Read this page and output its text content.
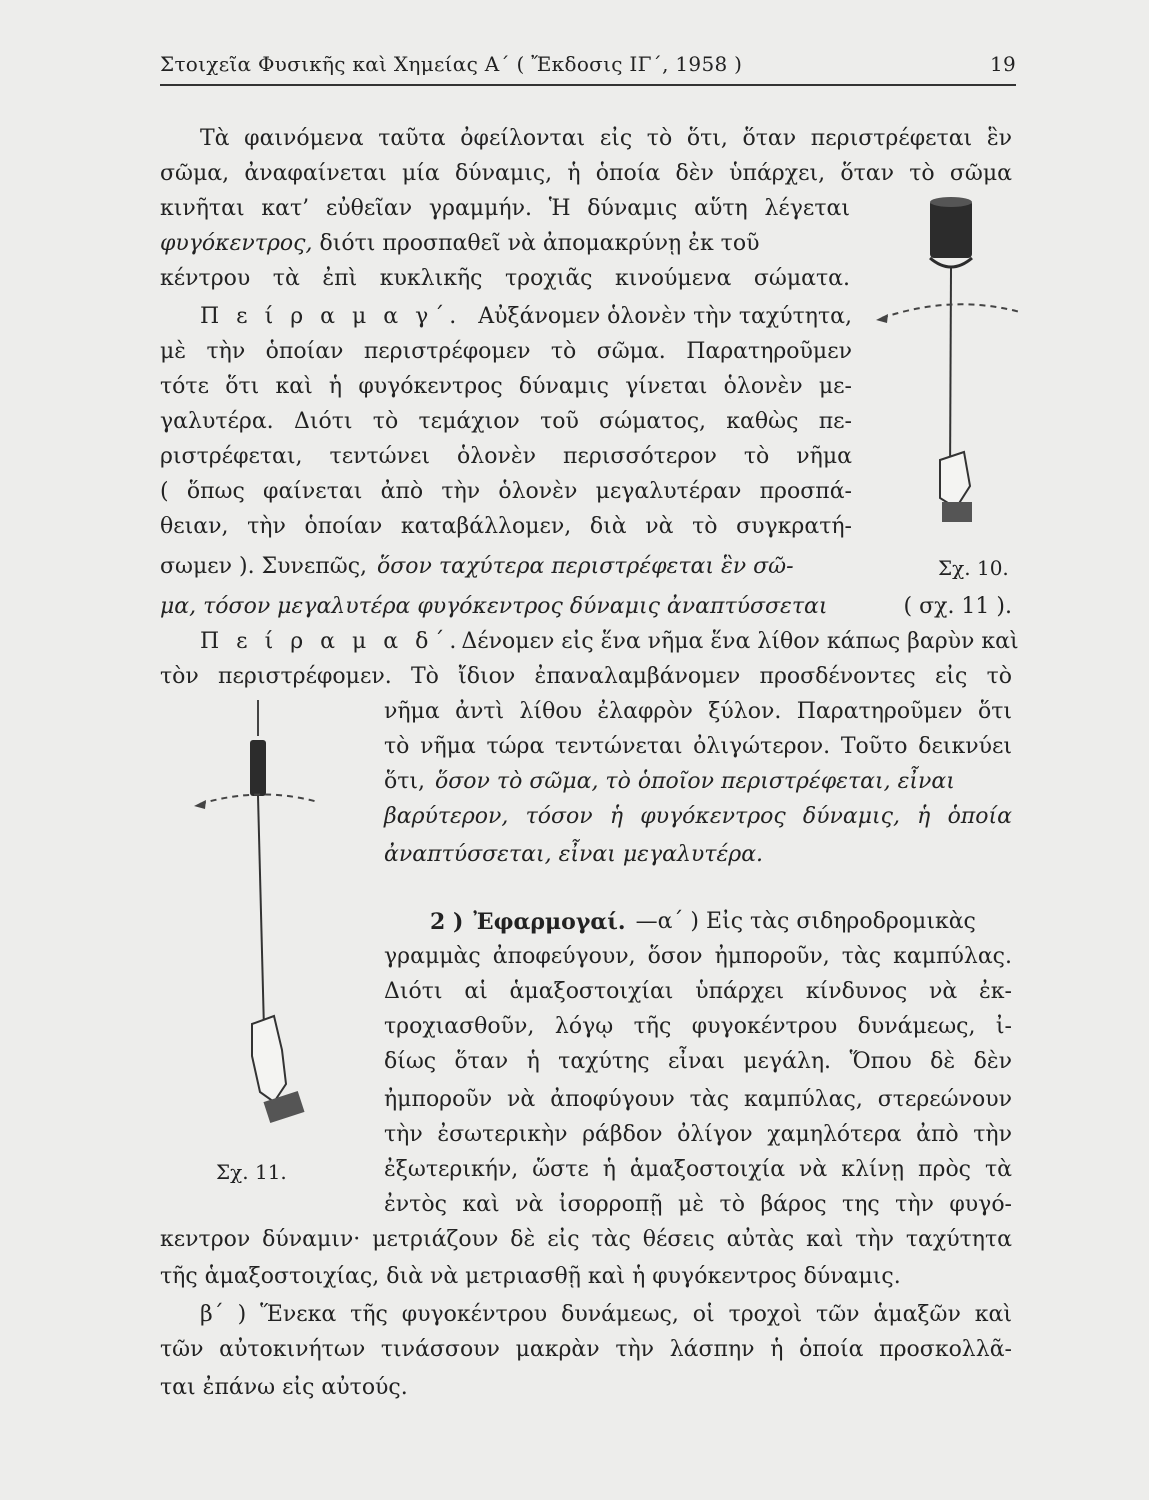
Στοιχεῖα Φυσικῆς καὶ Χημείας Α΄ ( Ἔκδοσις ΙΓ΄, 1958 )	19
Τὰ φαινόμενα ταῦτα ὀφείλονται εἰς τὸ ὅτι, ὅταν περιστρέφεται ἓν
σῶμα, ἀναφαίνεται μία δύναμις, ἡ ὁποία δὲν ὑπάρχει, ὅταν τὸ σῶμα
κινῆται κατ’ εὐθεῖαν γραμμήν. Ἡ δύναμις αὕτη λέγεται
φυγόκεντρος, διότι προσπαθεῖ νὰ ἀπομακρύνῃ ἐκ τοῦ
κέντρου τὰ ἐπὶ κυκλικῆς τροχιᾶς κινούμενα σώματα.
Π ε ί ρ α μ α γ΄. Αὐξάνομεν ὁλονὲν τὴν ταχύτητα,
μὲ τὴν ὁποίαν περιστρέφομεν τὸ σῶμα. Παρατηροῦμεν
τότε ὅτι καὶ ἡ φυγόκεντρος δύναμις γίνεται ὁλονὲν με-
γαλυτέρα. Διότι τὸ τεμάχιον τοῦ σώματος, καθὼς πε-
ριστρέφεται, τεντώνει ὁλονὲν περισσότερον τὸ νῆμα
( ὅπως φαίνεται ἀπὸ τὴν ὁλονὲν μεγαλυτέραν προσπά-
θειαν, τὴν ὁποίαν καταβάλλομεν, διὰ νὰ τὸ συγκρατή-
σωμεν ). Συνεπῶς, ὅσον ταχύτερα περιστρέφεται ἓν σῶ-
μα, τόσον μεγαλυτέρα φυγόκεντρος δύναμις ἀναπτύσσεται	( σχ. 11 ).
Π ε ί ρ α μ α δ΄. Δένομεν εἰς ἕνα νῆμα ἕνα λίθον κάπως βαρὺν καὶ
τὸν περιστρέφομεν. Τὸ ἴδιον ἐπαναλαμβάνομεν προσδένοντες εἰς τὸ
νῆμα ἀντὶ λίθου ἐλαφρὸν ξύλον. Παρατηροῦμεν ὅτι
τὸ νῆμα τώρα τεντώνεται ὀλιγώτερον. Τοῦτο δεικνύει
ὅτι, ὅσον τὸ σῶμα, τὸ ὁποῖον περιστρέφεται, εἶναι
βαρύτερον, τόσον ἡ φυγόκεντρος δύναμις, ἡ ὁποία
ἀναπτύσσεται, εἶναι μεγαλυτέρα.
2 ) Ἐφαρμογαί. —α΄ ) Εἰς τὰς σιδηροδρομικὰς
γραμμὰς ἀποφεύγουν, ὅσον ἠμποροῦν, τὰς καμπύλας.
Διότι αἱ ἁμαξοστοιχίαι ὑπάρχει κίνδυνος νὰ ἐκ-
τροχιασθοῦν, λόγῳ τῆς φυγοκέντρου δυνάμεως, ἰ-
δίως ὅταν ἡ ταχύτης εἶναι μεγάλη. Ὅπου δὲ δὲν
ἠμποροῦν νὰ ἀποφύγουν τὰς καμπύλας, στερεώνουν
τὴν ἐσωτερικὴν ράβδον ὀλίγον χαμηλότερα ἀπὸ τὴν
ἐξωτερικήν, ὥστε ἡ ἁμαξοστοιχία νὰ κλίνῃ πρὸς τὰ
ἐντὸς καὶ νὰ ἰσορροπῇ μὲ τὸ βάρος της τὴν φυγό-
κεντρον δύναμιν· μετριάζουν δὲ εἰς τὰς θέσεις αὐτὰς καὶ τὴν ταχύτητα
τῆς ἁμαξοστοιχίας, διὰ νὰ μετριασθῇ καὶ ἡ φυγόκεντρος δύναμις.
β΄ ) Ἕνεκα τῆς φυγοκέντρου δυνάμεως, οἱ τροχοὶ τῶν ἁμαξῶν καὶ
τῶν αὐτοκινήτων τινάσσουν μακρὰν τὴν λάσπην ἡ ὁποία προσκολλᾶ-
ται ἐπάνω εἰς αὐτούς.
Σχ. 10.
Σχ. 11.
